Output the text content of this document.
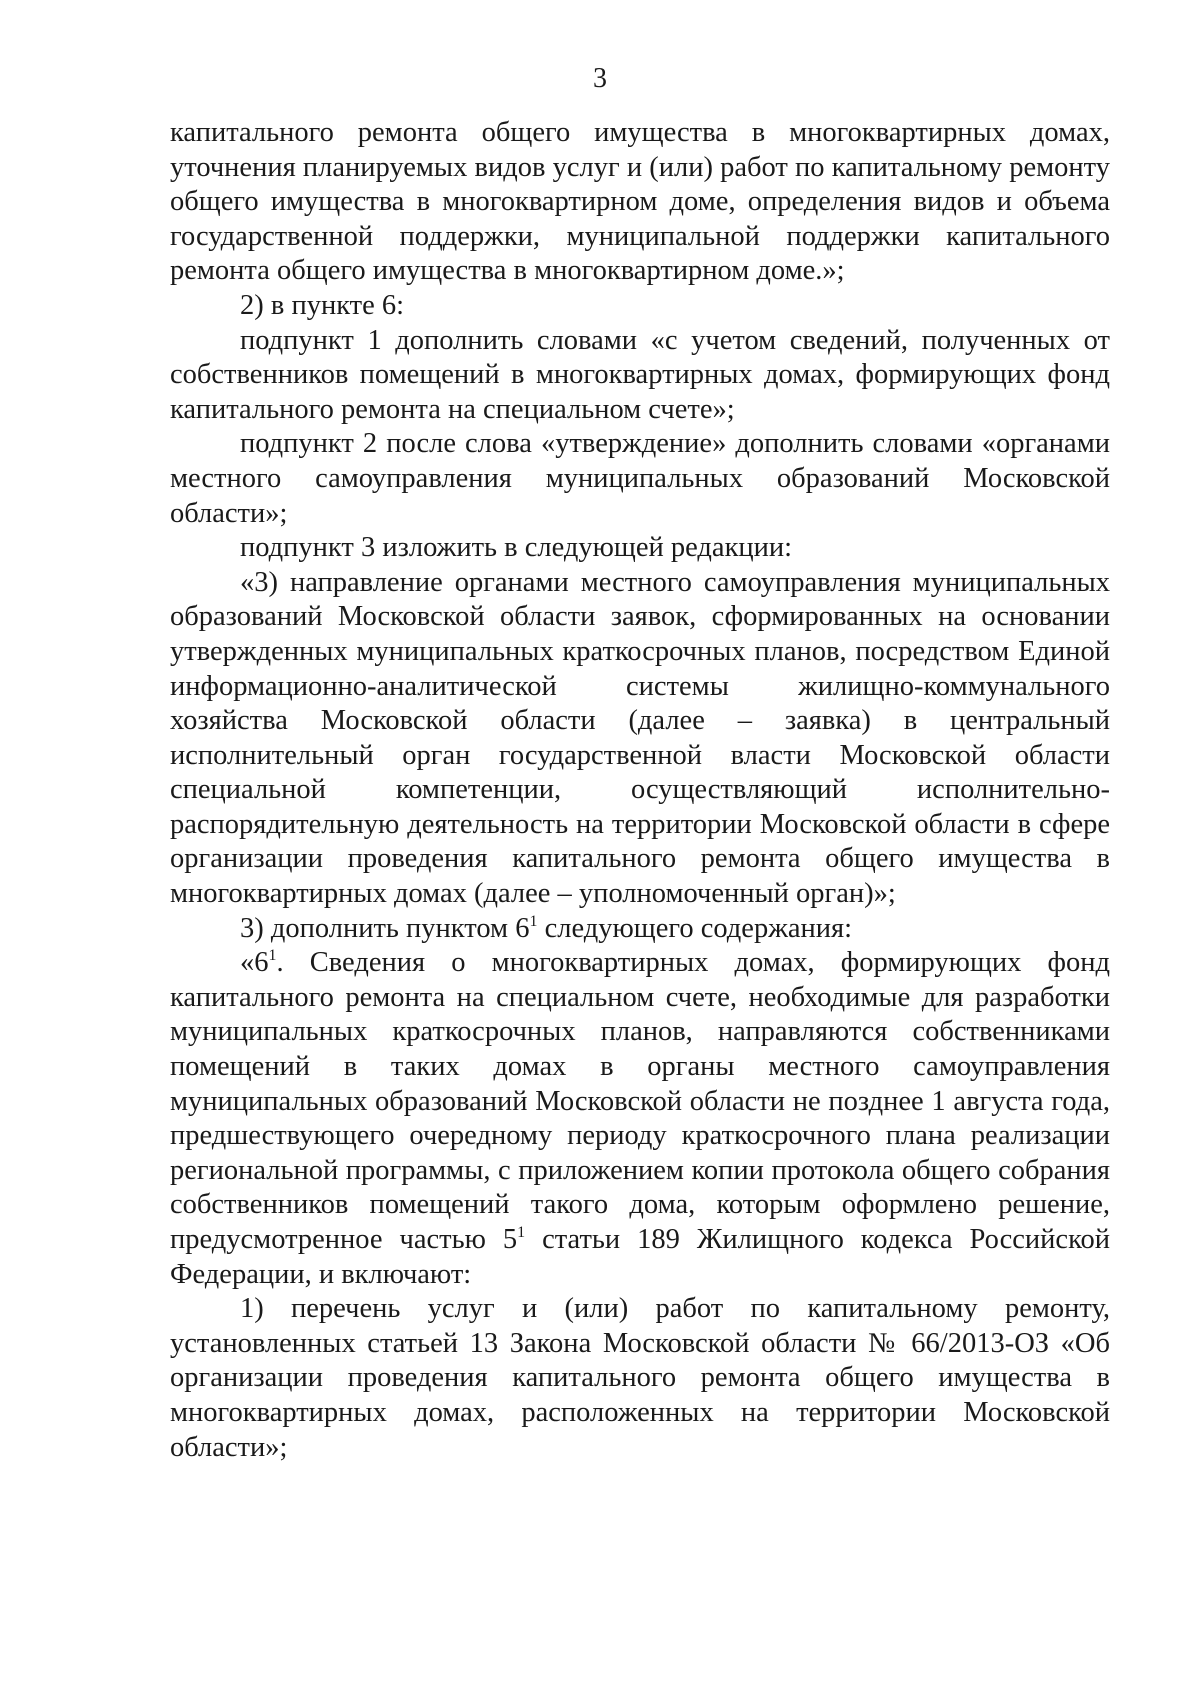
3

капитального ремонта общего имущества в многоквартирных домах, уточнения планируемых видов услуг и (или) работ по капитальному ремонту общего имущества в многоквартирном доме, определения видов и объема государственной поддержки, муниципальной поддержки капитального ремонта общего имущества в многоквартирном доме.»;

2) в пункте 6:

подпункт 1 дополнить словами «с учетом сведений, полученных от собственников помещений в многоквартирных домах, формирующих фонд капитального ремонта на специальном счете»;

подпункт 2 после слова «утверждение» дополнить словами «органами местного самоуправления муниципальных образований Московской области»;

подпункт 3 изложить в следующей редакции:

«3) направление органами местного самоуправления муниципальных образований Московской области заявок, сформированных на основании утвержденных муниципальных краткосрочных планов, посредством Единой информационно-аналитической системы жилищно-коммунального хозяйства Московской области (далее – заявка) в центральный исполнительный орган государственной власти Московской области специальной компетенции, осуществляющий исполнительно-распорядительную деятельность на территории Московской области в сфере организации проведения капитального ремонта общего имущества в многоквартирных домах (далее – уполномоченный орган)»;

3) дополнить пунктом $6^1$ следующего содержания:

«$6^1$. Сведения о многоквартирных домах, формирующих фонд капитального ремонта на специальном счете, необходимые для разработки муниципальных краткосрочных планов, направляются собственниками помещений в таких домах в органы местного самоуправления муниципальных образований Московской области не позднее 1 августа года, предшествующего очередному периоду краткосрочного плана реализации региональной программы, с приложением копии протокола общего собрания собственников помещений такого дома, которым оформлено решение, предусмотренное частью $5^1$ статьи 189 Жилищного кодекса Российской Федерации, и включают:

1) перечень услуг и (или) работ по капитальному ремонту, установленных статьей 13 Закона Московской области № 66/2013-ОЗ «Об организации проведения капитального ремонта общего имущества в многоквартирных домах, расположенных на территории Московской области»;
